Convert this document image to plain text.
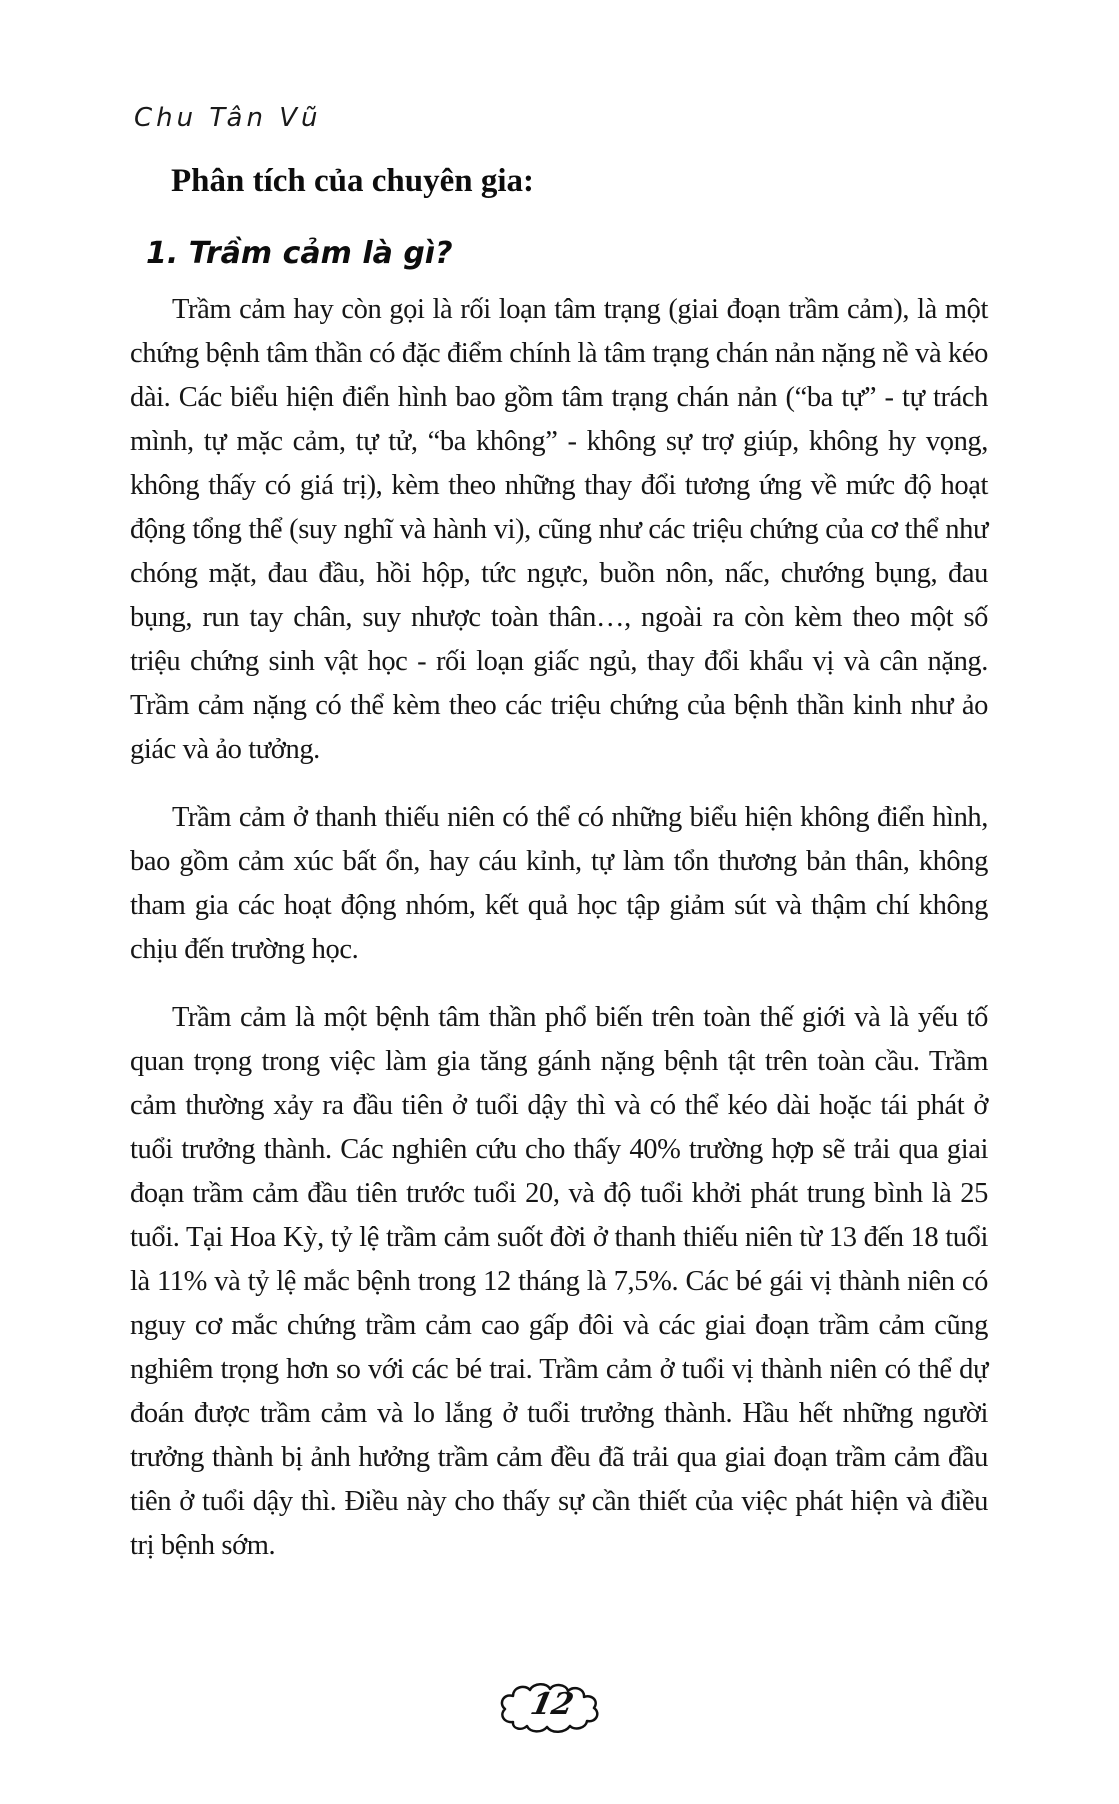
Chu Tân Vũ
Phân tích của chuyên gia:
1. Trầm cảm là gì?

Trầm cảm hay còn gọi là rối loạn tâm trạng (giai đoạn trầm cảm), là một chứng bệnh tâm thần có đặc điểm chính là tâm trạng chán nản nặng nề và kéo dài. Các biểu hiện điển hình bao gồm tâm trạng chán nản (“ba tự” - tự trách mình, tự mặc cảm, tự tử, “ba không” - không sự trợ giúp, không hy vọng, không thấy có giá trị), kèm theo những thay đổi tương ứng về mức độ hoạt động tổng thể (suy nghĩ và hành vi), cũng như các triệu chứng của cơ thể như chóng mặt, đau đầu, hồi hộp, tức ngực, buồn nôn, nấc, chướng bụng, đau bụng, run tay chân, suy nhược toàn thân…, ngoài ra còn kèm theo một số triệu chứng sinh vật học - rối loạn giấc ngủ, thay đổi khẩu vị và cân nặng. Trầm cảm nặng có thể kèm theo các triệu chứng của bệnh thần kinh như ảo giác và ảo tưởng.

Trầm cảm ở thanh thiếu niên có thể có những biểu hiện không điển hình, bao gồm cảm xúc bất ổn, hay cáu kỉnh, tự làm tổn thương bản thân, không tham gia các hoạt động nhóm, kết quả học tập giảm sút và thậm chí không chịu đến trường học.

Trầm cảm là một bệnh tâm thần phổ biến trên toàn thế giới và là yếu tố quan trọng trong việc làm gia tăng gánh nặng bệnh tật trên toàn cầu. Trầm cảm thường xảy ra đầu tiên ở tuổi dậy thì và có thể kéo dài hoặc tái phát ở tuổi trưởng thành. Các nghiên cứu cho thấy 40% trường hợp sẽ trải qua giai đoạn trầm cảm đầu tiên trước tuổi 20, và độ tuổi khởi phát trung bình là 25 tuổi. Tại Hoa Kỳ, tỷ lệ trầm cảm suốt đời ở thanh thiếu niên từ 13 đến 18 tuổi là 11% và tỷ lệ mắc bệnh trong 12 tháng là 7,5%. Các bé gái vị thành niên có nguy cơ mắc chứng trầm cảm cao gấp đôi và các giai đoạn trầm cảm cũng nghiêm trọng hơn so với các bé trai. Trầm cảm ở tuổi vị thành niên có thể dự đoán được trầm cảm và lo lắng ở tuổi trưởng thành. Hầu hết những người trưởng thành bị ảnh hưởng trầm cảm đều đã trải qua giai đoạn trầm cảm đầu tiên ở tuổi dậy thì. Điều này cho thấy sự cần thiết của việc phát hiện và điều trị bệnh sớm.

12
